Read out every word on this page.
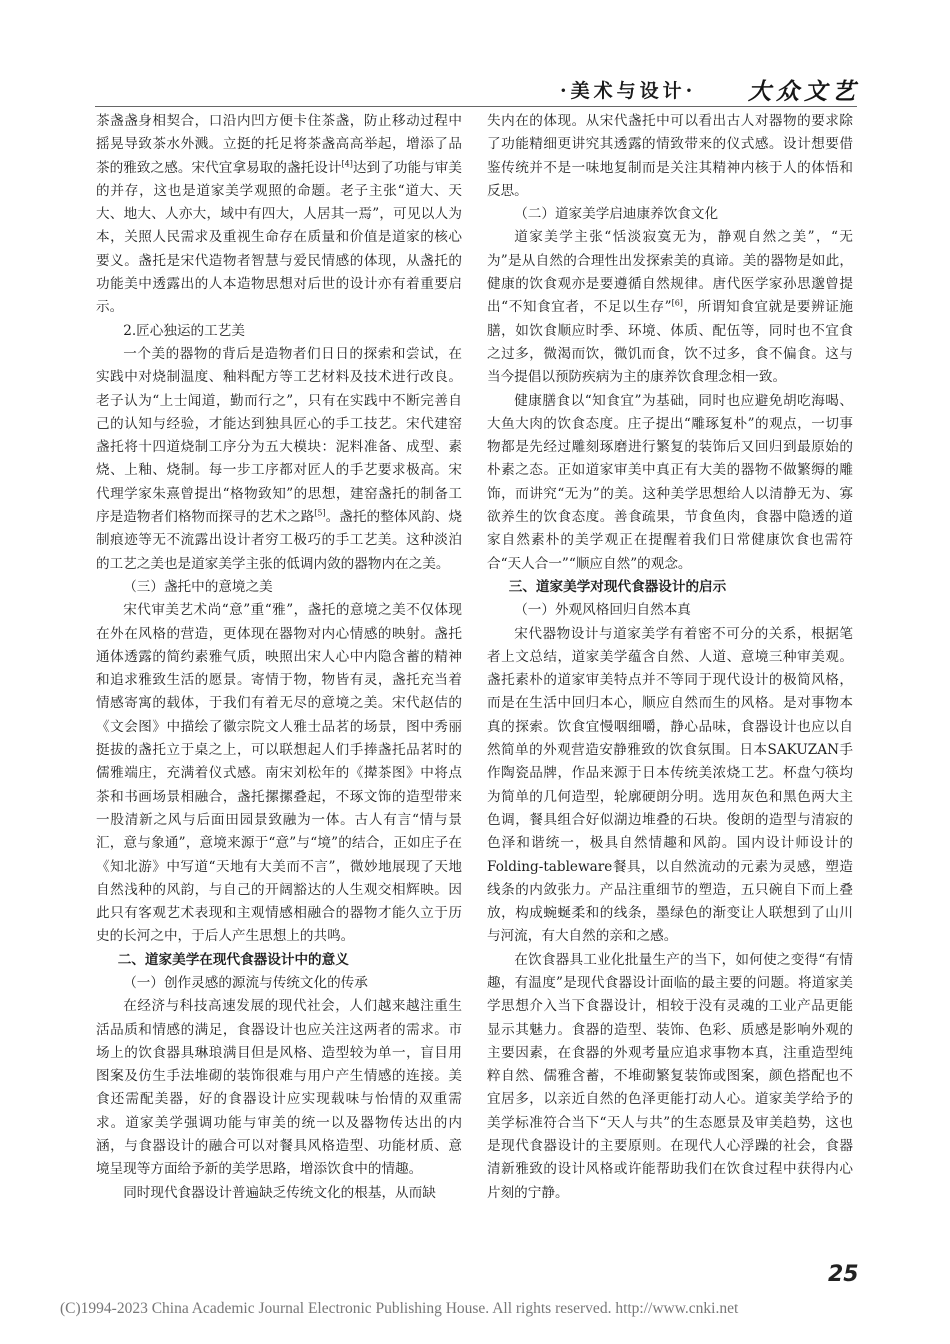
·美术与设计· 大众文艺

茶盏盏身相契合，口沿内凹方便卡住茶盏，防止移动过程中摇晃导致茶水外溅。立挺的托足将茶盏高高举起，增添了品茶的雅致之感。宋代宜拿易取的盏托设计[4]达到了功能与审美的并存，这也是道家美学观照的命题。老子主张“道大、天大、地大、人亦大，域中有四大，人居其一焉”，可见以人为本，关照人民需求及重视生命存在质量和价值是道家的核心要义。盏托是宋代造物者智慧与爱民情感的体现，从盏托的功能美中透露出的人本造物思想对后世的设计亦有着重要启示。

2.匠心独运的工艺美

一个美的器物的背后是造物者们日日的探索和尝试，在实践中对烧制温度、釉料配方等工艺材料及技术进行改良。老子认为“上士闻道，勤而行之”，只有在实践中不断完善自己的认知与经验，才能达到独具匠心的手工技艺。宋代建窑盏托将十四道烧制工序分为五大模块：泥料准备、成型、素烧、上釉、烧制。每一步工序都对匠人的手艺要求极高。宋代理学家朱熹曾提出“格物致知”的思想，建窑盏托的制备工序是造物者们格物而探寻的艺术之路[5]。盏托的整体风韵、烧制痕迹等无不流露出设计者穷工极巧的手工艺美。这种淡泊的工艺之美也是道家美学主张的低调内敛的器物内在之美。

（三）盏托中的意境之美

宋代审美艺术尚“意”重“雅”，盏托的意境之美不仅体现在外在风格的营造，更体现在器物对内心情感的映射。盏托通体透露的简约素雅气质，映照出宋人心中内隐含蓄的精神和追求雅致生活的愿景。寄情于物，物皆有灵，盏托充当着情感寄寓的载体，于我们有着无尽的意境之美。宋代赵佶的《文会图》中描绘了徽宗院文人雅士品茗的场景，图中秀丽挺拔的盏托立于桌之上，可以联想起人们手捧盏托品茗时的儒雅端庄，充满着仪式感。南宋刘松年的《撵茶图》中将点茶和书画场景相融合，盏托摞摞叠起，不琢文饰的造型带来一股清新之风与后面田园景致融为一体。古人有言“情与景汇，意与象通”，意境来源于“意”与“境”的结合，正如庄子在《知北游》中写道“天地有大美而不言”，微妙地展现了天地自然浅种的风韵，与自己的开阔豁达的人生观交相辉映。因此只有客观艺术表现和主观情感相融合的器物才能久立于历史的长河之中，于后人产生思想上的共鸣。

二、道家美学在现代食器设计中的意义

（一）创作灵感的源流与传统文化的传承

在经济与科技高速发展的现代社会，人们越来越注重生活品质和情感的满足，食器设计也应关注这两者的需求。市场上的饮食器具琳琅满目但是风格、造型较为单一，盲目用图案及仿生手法堆砌的装饰很难与用户产生情感的连接。美食还需配美器，好的食器设计应实现载味与怡情的双重需求。道家美学强调功能与审美的统一以及器物传达出的内涵，与食器设计的融合可以对餐具风格造型、功能材质、意境呈现等方面给予新的美学思路，增添饮食中的情趣。

同时现代食器设计普遍缺乏传统文化的根基，从而缺

失内在的体现。从宋代盏托中可以看出古人对器物的要求除了功能精细更讲究其透露的情致带来的仪式感。设计想要借鉴传统并不是一味地复制而是关注其精神内核于人的体悟和反思。

（二）道家美学启迪康养饮食文化

道家美学主张“恬淡寂寞无为，静观自然之美”，“无为”是从自然的合理性出发探索美的真谛。美的器物是如此，健康的饮食观亦是要遵循自然规律。唐代医学家孙思邈曾提出“不知食宜者，不足以生存”[6]，所谓知食宜就是要辨证施膳，如饮食顺应时季、环境、体质、配伍等，同时也不宜食之过多，微渴而饮，微饥而食，饮不过多，食不偏食。这与当今提倡以预防疾病为主的康养饮食理念相一致。

健康膳食以“知食宜”为基础，同时也应避免胡吃海喝、大鱼大肉的饮食态度。庄子提出“雕琢复朴”的观点，一切事物都是先经过雕刻琢磨进行繁复的装饰后又回归到最原始的朴素之态。正如道家审美中真正有大美的器物不做繁缛的雕饰，而讲究“无为”的美。这种美学思想给人以清静无为、寡欲养生的饮食态度。善食疏果，节食鱼肉，食器中隐透的道家自然素朴的美学观正在提醒着我们日常健康饮食也需符合“天人合一”“顺应自然”的观念。

三、道家美学对现代食器设计的启示

（一）外观风格回归自然本真

宋代器物设计与道家美学有着密不可分的关系，根据笔者上文总结，道家美学蕴含自然、人道、意境三种审美观。盏托素朴的道家审美特点并不等同于现代设计的极简风格，而是在生活中回归本心，顺应自然而生的风格。是对事物本真的探索。饮食宜慢咽细嚼，静心品味，食器设计也应以自然简单的外观营造安静雅致的饮食氛围。日本SAKUZAN手作陶瓷品牌，作品来源于日本传统美浓烧工艺。杯盘勺筷均为简单的几何造型，轮廓硬朗分明。选用灰色和黑色两大主色调，餐具组合好似湖边堆叠的石块。俊朗的造型与清寂的色泽和谐统一，极具自然情趣和风韵。国内设计师设计的Folding-tableware餐具，以自然流动的元素为灵感，塑造线条的内敛张力。产品注重细节的塑造，五只碗自下而上叠放，构成蜿蜒柔和的线条，墨绿色的渐变让人联想到了山川与河流，有大自然的亲和之感。

在饮食器具工业化批量生产的当下，如何使之变得“有情趣，有温度”是现代食器设计面临的最主要的问题。将道家美学思想介入当下食器设计，相较于没有灵魂的工业产品更能显示其魅力。食器的造型、装饰、色彩、质感是影响外观的主要因素，在食器的外观考量应追求事物本真，注重造型纯粹自然、儒雅含蓄，不堆砌繁复装饰或图案，颜色搭配也不宜居多，以亲近自然的色泽更能打动人心。道家美学给予的美学标准符合当下“天人与共”的生态愿景及审美趋势，这也是现代食器设计的主要原则。在现代人心浮躁的社会，食器清新雅致的设计风格或许能帮助我们在饮食过程中获得内心片刻的宁静。

25
(C)1994-2023 China Academic Journal Electronic Publishing House. All rights reserved. http://www.cnki.net
